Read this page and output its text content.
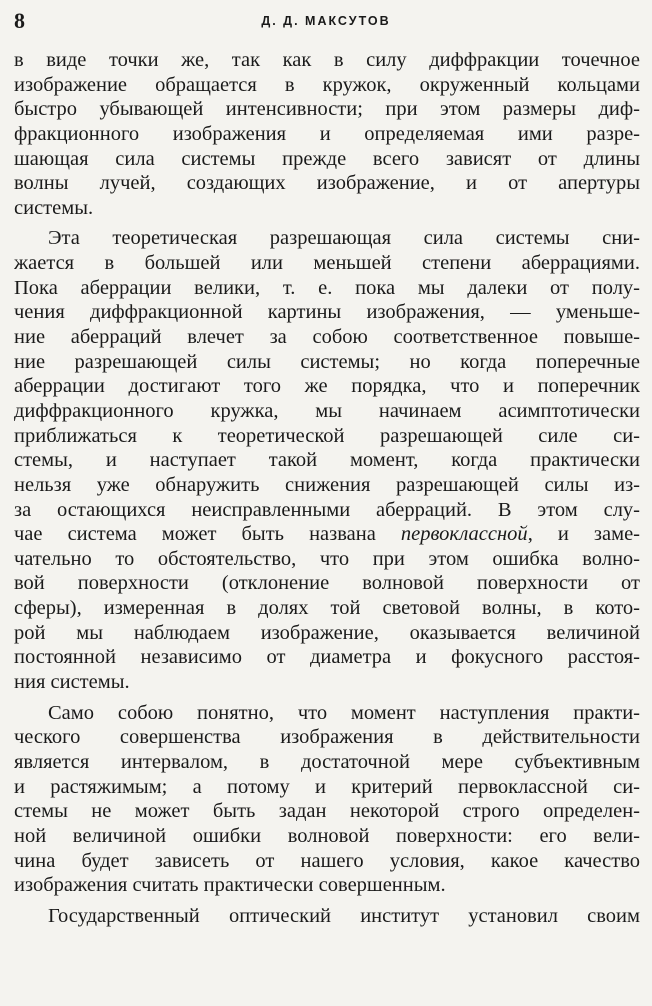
8	Д. Д. МАКСУТОВ
в виде точки же, так как в силу диффракции точечное
изображение обращается в кружок, окруженный кольцами
быстро убывающей интенсивности; при этом размеры диф-
фракционного изображения и определяемая ими разре-
шающая сила системы прежде всего зависят от длины
волны лучей, создающих изображение, и от апертуры
системы.
Эта теоретическая разрешающая сила системы сни-
жается в большей или меньшей степени аберрациями.
Пока аберрации велики, т. е. пока мы далеки от полу-
чения диффракционной картины изображения, — уменьше-
ние аберраций влечет за собою соответственное повыше-
ние разрешающей силы системы; но когда поперечные
аберрации достигают того же порядка, что и поперечник
диффракционного кружка, мы начинаем асимптотически
приближаться к теоретической разрешающей силе си-
стемы, и наступает такой момент, когда практически
нельзя уже обнаружить снижения разрешающей силы из-
за остающихся неисправленными аберраций. В этом слу-
чае система может быть названа первоклассной, и заме-
чательно то обстоятельство, что при этом ошибка волно-
вой поверхности (отклонение волновой поверхности от
сферы), измеренная в долях той световой волны, в кото-
рой мы наблюдаем изображение, оказывается величиной
постоянной независимо от диаметра и фокусного расстоя-
ния системы.
Само собою понятно, что момент наступления практи-
ческого совершенства изображения в действительности
является интервалом, в достаточной мере субъективным
и растяжимым; а потому и критерий первоклассной си-
стемы не может быть задан некоторой строго определен-
ной величиной ошибки волновой поверхности: его вели-
чина будет зависеть от нашего условия, какое качество
изображения считать практически совершенным.
Государственный оптический институт установил своим
